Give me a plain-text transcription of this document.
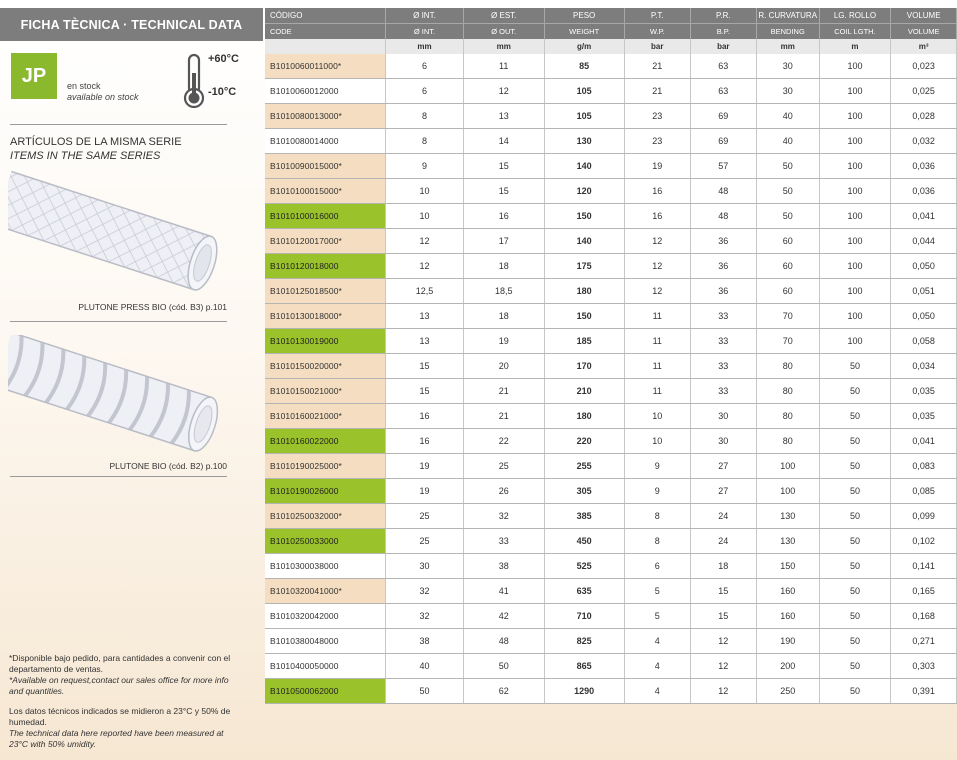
FICHA TÈCNICA · TECHNICAL DATA
JP	en stock
available on stock
+60°C
-10°C
ARTÍCULOS DE LA MISMA SERIE
ITEMS IN THE SAME SERIES
PLUTONE PRESS BIO (cód. B3) p.101
PLUTONE BIO (cód. B2) p.100
*Disponible bajo pedido, para cantidades a convenir con el departamento de ventas.
*Available on request,contact our sales office for more info and quantities.
Los datos técnicos indicados se midieron a 23°C y 50% de humedad.
The technical data here reported have been measured at 23°C with 50% umidity.
CÓDIGO	Ø INT.	Ø EST.	PESO	P.T.	P.R.	R. CURVATURA	LG. ROLLO	VOLUME
CODE	Ø INT.	Ø OUT.	WEIGHT	W.P.	B.P.	BENDING	COIL LGTH.	VOLUME
	mm	mm	g/m	bar	bar	mm	m	m³
B1010060011000*	6	11	85	21	63	30	100	0,023
B1010060012000	6	12	105	21	63	30	100	0,025
B1010080013000*	8	13	105	23	69	40	100	0,028
B1010080014000	8	14	130	23	69	40	100	0,032
B1010090015000*	9	15	140	19	57	50	100	0,036
B1010100015000*	10	15	120	16	48	50	100	0,036
B1010100016000	10	16	150	16	48	50	100	0,041
B1010120017000*	12	17	140	12	36	60	100	0,044
B1010120018000	12	18	175	12	36	60	100	0,050
B1010125018500*	12,5	18,5	180	12	36	60	100	0,051
B1010130018000*	13	18	150	11	33	70	100	0,050
B1010130019000	13	19	185	11	33	70	100	0,058
B1010150020000*	15	20	170	11	33	80	50	0,034
B1010150021000*	15	21	210	11	33	80	50	0,035
B1010160021000*	16	21	180	10	30	80	50	0,035
B1010160022000	16	22	220	10	30	80	50	0,041
B1010190025000*	19	25	255	9	27	100	50	0,083
B1010190026000	19	26	305	9	27	100	50	0,085
B1010250032000*	25	32	385	8	24	130	50	0,099
B1010250033000	25	33	450	8	24	130	50	0,102
B1010300038000	30	38	525	6	18	150	50	0,141
B1010320041000*	32	41	635	5	15	160	50	0,165
B1010320042000	32	42	710	5	15	160	50	0,168
B1010380048000	38	48	825	4	12	190	50	0,271
B1010400050000	40	50	865	4	12	200	50	0,303
B1010500062000	50	62	1290	4	12	250	50	0,391
